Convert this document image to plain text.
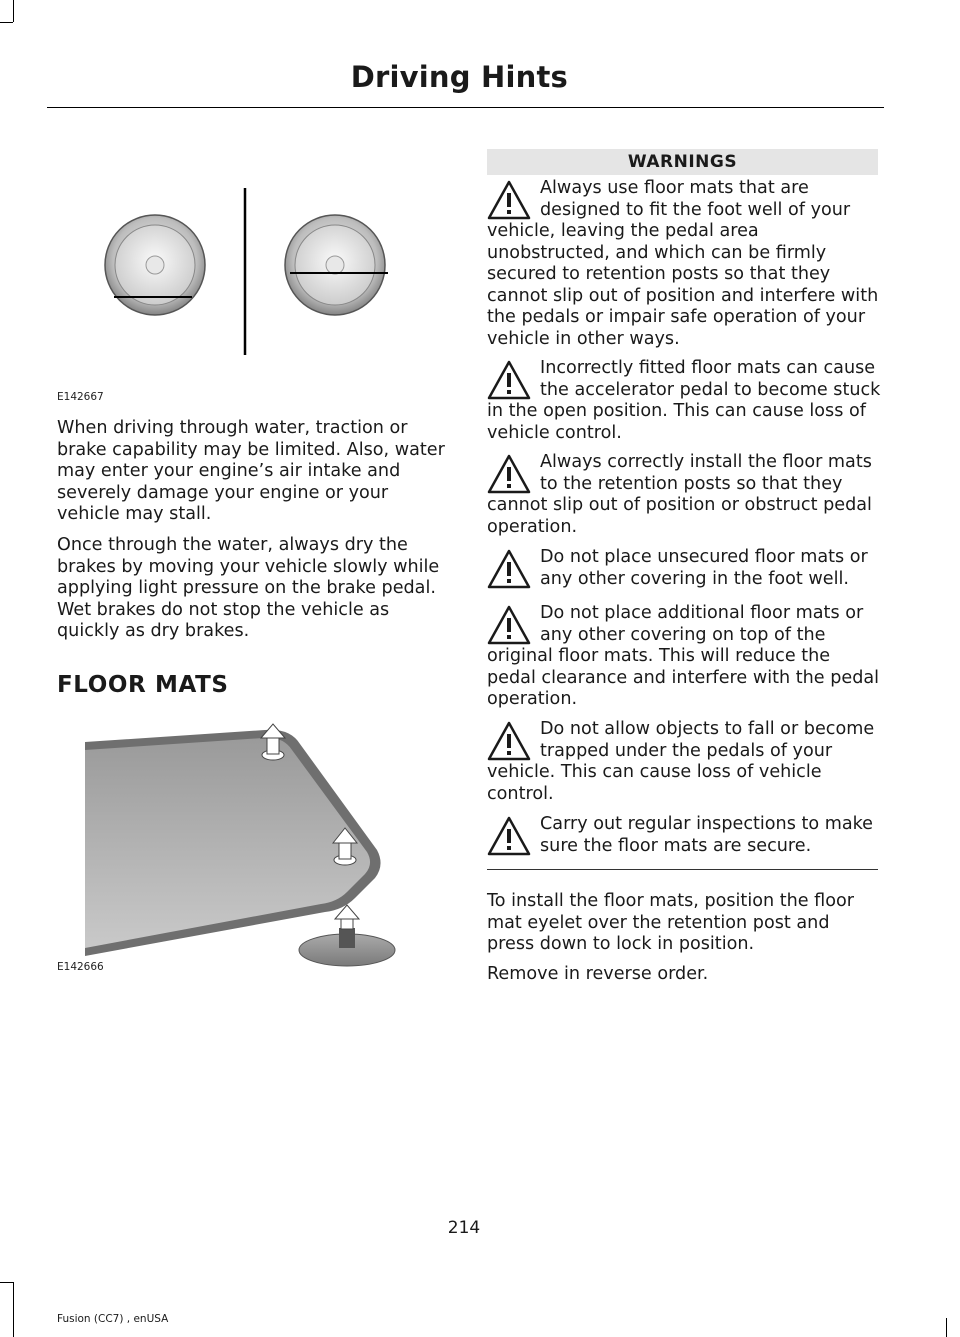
Driving Hints
E142667

When driving through water, traction or brake capability may be limited. Also, water may enter your engine’s air intake and severely damage your engine or your vehicle may stall.

Once through the water, always dry the brakes by moving your vehicle slowly while applying light pressure on the brake pedal. Wet brakes do not stop the vehicle as quickly as dry brakes.

FLOOR MATS
E142666
WARNINGS

Always use floor mats that are designed to fit the foot well of your vehicle, leaving the pedal area unobstructed, and which can be firmly secured to retention posts so that they cannot slip out of position and interfere with the pedals or impair safe operation of your vehicle in other ways.

Incorrectly fitted floor mats can cause the accelerator pedal to become stuck in the open position. This can cause loss of vehicle control.

Always correctly install the floor mats to the retention posts so that they cannot slip out of position or obstruct pedal operation.

Do not place unsecured floor mats or any other covering in the foot well.

Do not place additional floor mats or any other covering on top of the original floor mats. This will reduce the pedal clearance and interfere with the pedal operation.

Do not allow objects to fall or become trapped under the pedals of your vehicle. This can cause loss of vehicle control.

Carry out regular inspections to make sure the floor mats are secure.

To install the floor mats, position the floor mat eyelet over the retention post and press down to lock in position.

Remove in reverse order.

214
Fusion (CC7) , enUSA
